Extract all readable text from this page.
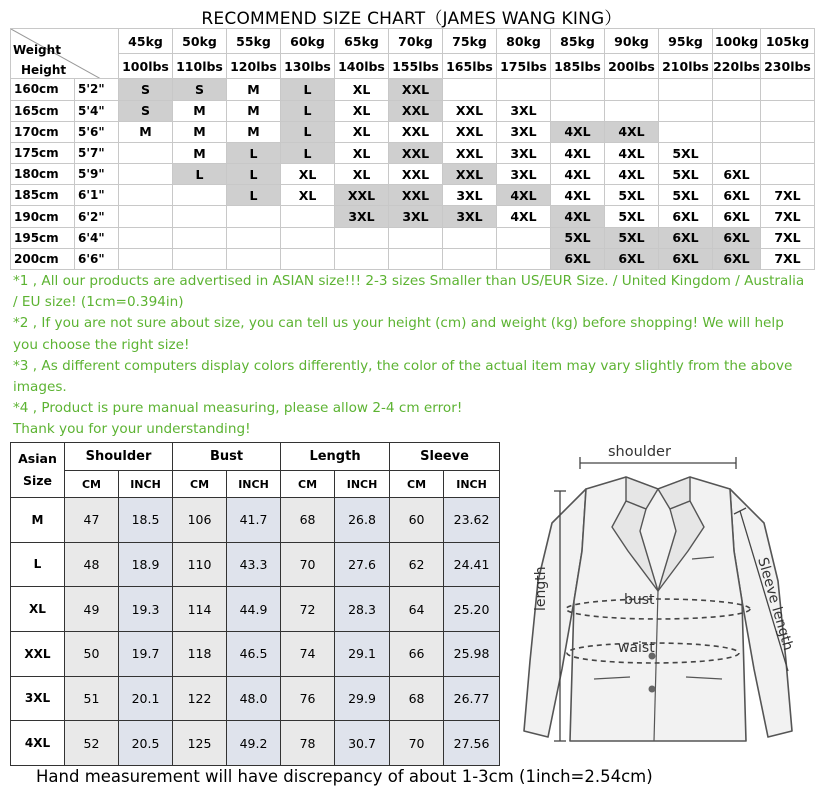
RECOMMEND SIZE CHART（JAMES WANG KING）
Weight
Height		45kg	50kg	55kg	60kg	65kg	70kg	75kg	80kg	85kg	90kg	95kg	100kg	105kg
		100lbs	110lbs	120lbs	130lbs	140lbs	155lbs	165lbs	175lbs	185lbs	200lbs	210lbs	220lbs	230lbs
160cm	5'2"	S	S	M	L	XL	XXL							
165cm	5'4"	S	M	M	L	XL	XXL	XXL	3XL					
170cm	5'6"	M	M	M	L	XL	XXL	XXL	3XL	4XL	4XL			
175cm	5'7"		M	L	L	XL	XXL	XXL	3XL	4XL	4XL	5XL		
180cm	5'9"		L	L	XL	XL	XXL	XXL	3XL	4XL	4XL	5XL	6XL	
185cm	6'1"			L	XL	XXL	XXL	3XL	4XL	4XL	5XL	5XL	6XL	7XL
190cm	6'2"					3XL	3XL	3XL	4XL	4XL	5XL	6XL	6XL	7XL
195cm	6'4"									5XL	5XL	6XL	6XL	7XL
200cm	6'6"									6XL	6XL	6XL	6XL	7XL

*1 , All our products are advertised in ASIAN size!!! 2-3 sizes Smaller than US/EUR Size. / United Kingdom / Australia / EU size! (1cm=0.394in)

*2 , If you are not sure about size, you can tell us your height (cm) and weight (kg) before shopping! We will help you choose the right size!

*3 , As different computers display colors differently, the color of the actual item may vary slightly from the above images.

*4 , Product is pure manual measuring, please allow 2-4 cm error!

Thank you for your understanding!

Asian
Size	Shoulder		Bust		Length		Sleeve	
	CM	INCH	CM	INCH	CM	INCH	CM	INCH
M	47	18.5	106	41.7	68	26.8	60	23.62
L	48	18.9	110	43.3	70	27.6	62	24.41
XL	49	19.3	114	44.9	72	28.3	64	25.20
XXL	50	19.7	118	46.5	74	29.1	66	25.98
3XL	51	20.1	122	48.0	76	29.9	68	26.77
4XL	52	20.5	125	49.2	78	30.7	70	27.56
shoulder
length	bust
waist	Sleeve length
Hand measurement will have discrepancy of about 1-3cm (1inch=2.54cm)
